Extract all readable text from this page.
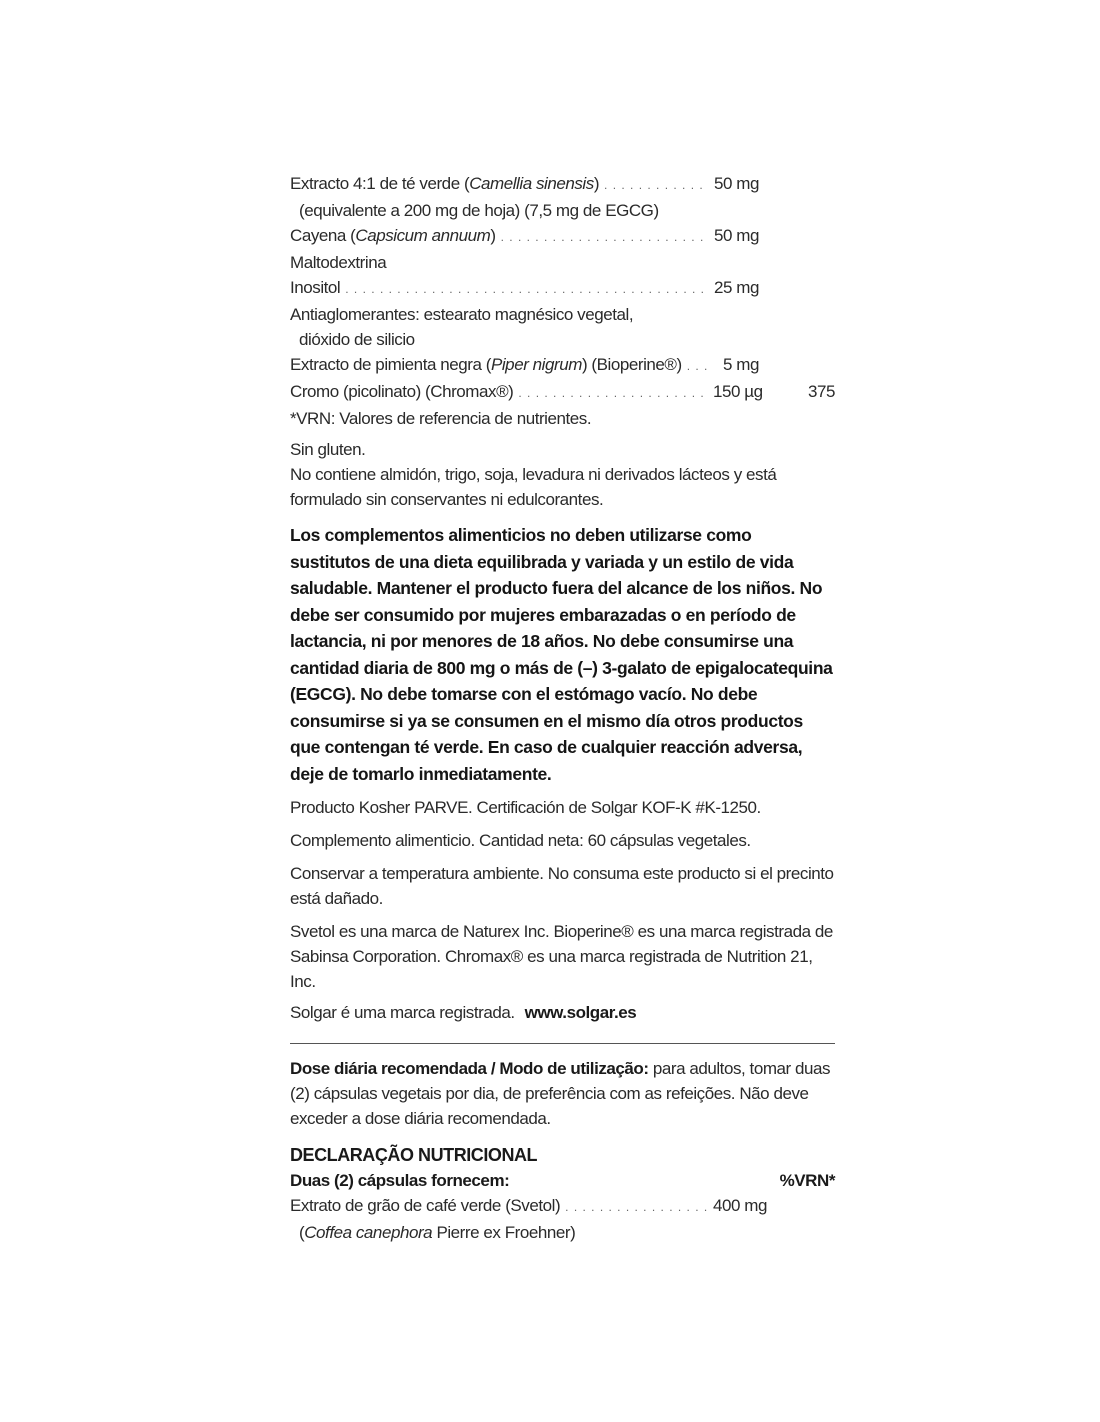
Extracto 4:1 de té verde (Camellia sinensis) . . .	50 mg
(equivalente a 200 mg de hoja) (7,5 mg de EGCG)
Cayena (Capsicum annuum) . . .	50 mg
Maltodextrina
Inositol . . .	25 mg
Antiaglomerantes: estearato magnésico vegetal,
dióxido de silicio
Extracto de pimienta negra (Piper nigrum) (Bioperine®) . . .	5 mg
Cromo (picolinato) (Chromax®) . . .	150 µg	375
*VRN: Valores de referencia de nutrientes.

Sin gluten.

No contiene almidón, trigo, soja, levadura ni derivados lácteos y está formulado sin conservantes ni edulcorantes.

Los complementos alimenticios no deben utilizarse como sustitutos de una dieta equilibrada y variada y un estilo de vida saludable. Mantener el producto fuera del alcance de los niños. No debe ser consumido por mujeres embarazadas o en período de lactancia, ni por menores de 18 años. No debe consumirse una cantidad diaria de 800 mg o más de (–) 3-galato de epigalocatequina (EGCG). No debe tomarse con el estómago vacío. No debe consumirse si ya se consumen en el mismo día otros productos que contengan té verde. En caso de cualquier reacción adversa, deje de tomarlo inmediatamente.

Producto Kosher PARVE. Certificación de Solgar KOF-K #K-1250.

Complemento alimenticio. Cantidad neta: 60 cápsulas vegetales.

Conservar a temperatura ambiente. No consuma este producto si el precinto está dañado.

Svetol es una marca de Naturex Inc. Bioperine® es una marca registrada de Sabinsa Corporation. Chromax® es una marca registrada de Nutrition 21, Inc.

Solgar é uma marca registrada. www.solgar.es

Dose diária recomendada / Modo de utilização: para adultos, tomar duas (2) cápsulas vegetais por dia, de preferência com as refeições. Não deve exceder a dose diária recomendada.

DECLARAÇÃO NUTRICIONAL
Duas (2) cápsulas fornecem:	%VRN*
Extrato de grão de café verde (Svetol) . . .	400 mg
(Coffea canephora Pierre ex Froehner)
